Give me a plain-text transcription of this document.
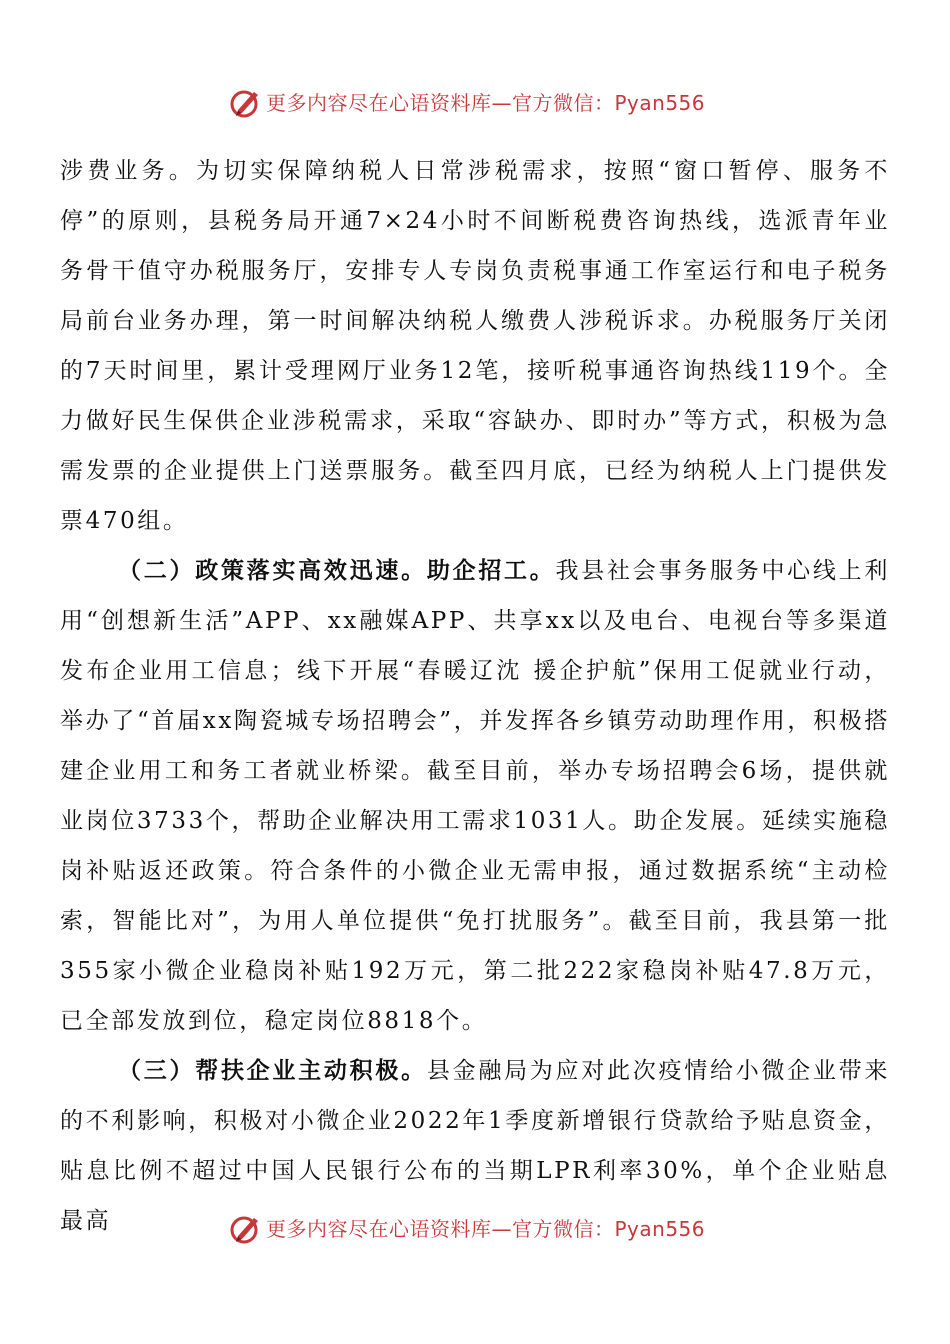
更多内容尽在心语资料库—官方微信：Pyan556

涉费业务。为切实保障纳税人日常涉税需求，按照“窗口暂停、服务不停”的原则，县税务局开通7×24小时不间断税费咨询热线，选派青年业务骨干值守办税服务厅，安排专人专岗负责税事通工作室运行和电子税务局前台业务办理，第一时间解决纳税人缴费人涉税诉求。办税服务厅关闭的7天时间里，累计受理网厅业务12笔，接听税事通咨询热线119个。全力做好民生保供企业涉税需求，采取“容缺办、即时办”等方式，积极为急需发票的企业提供上门送票服务。截至四月底，已经为纳税人上门提供发票470组。

（二）政策落实高效迅速。助企招工。我县社会事务服务中心线上利用“创想新生活”APP、xx融媒APP、共享xx以及电台、电视台等多渠道发布企业用工信息；线下开展“春暖辽沈 援企护航”保用工促就业行动，举办了“首届xx陶瓷城专场招聘会”，并发挥各乡镇劳动助理作用，积极搭建企业用工和务工者就业桥梁。截至目前，举办专场招聘会6场，提供就业岗位3733个，帮助企业解决用工需求1031人。助企发展。延续实施稳岗补贴返还政策。符合条件的小微企业无需申报，通过数据系统“主动检索，智能比对”，为用人单位提供“免打扰服务”。截至目前，我县第一批355家小微企业稳岗补贴192万元，第二批222家稳岗补贴47.8万元，已全部发放到位，稳定岗位8818个。

（三）帮扶企业主动积极。县金融局为应对此次疫情给小微企业带来的不利影响，积极对小微企业2022年1季度新增银行贷款给予贴息资金，贴息比例不超过中国人民银行公布的当期LPR利率30%，单个企业贴息最高	更多内容尽在心语资料库—官方微信：Pyan556
